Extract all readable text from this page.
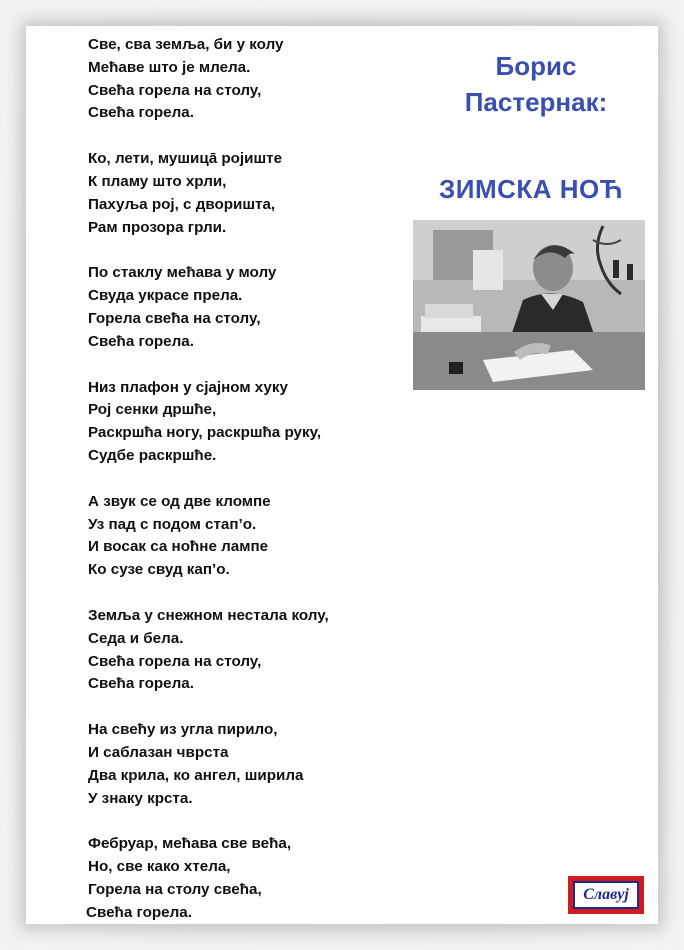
Све, сва земља, би у колу
Мећаве што је млела.
Свећа горела на столу,
Свећа горела.
Ко, лети, мушицā ројиште
К пламу што хрли,
Пахуља рој, с дворишта,
Рам прозора грли.
По стаклу мећава у молу
Свуда украсе прела.
Горела свећа на столу,
Свећа горела.
Низ плафон у сјајном хуку
Рој сенки дршће,
Раскршћа ногу, раскршћа руку,
Судбе раскршће.
А звук се од две кломпе
Уз пад с подом стап’о.
И восак са ноћне лампе
Ко сузе свуд кап’о.
Земља у снежном нестала колу,
Седа и бела.
Свећа горела на столу,
Свећа горела.
На свећу из угла пирило,
И саблазан чврста
Два крила, ко ангел, ширила
У знаку крста.
Фебруар, мећава све већа,
Но, све како хтела,
Горела на столу свећа,
Свећа горела.
Борис
Пастернак:
ЗИМСКА НОЋ
Славуј
